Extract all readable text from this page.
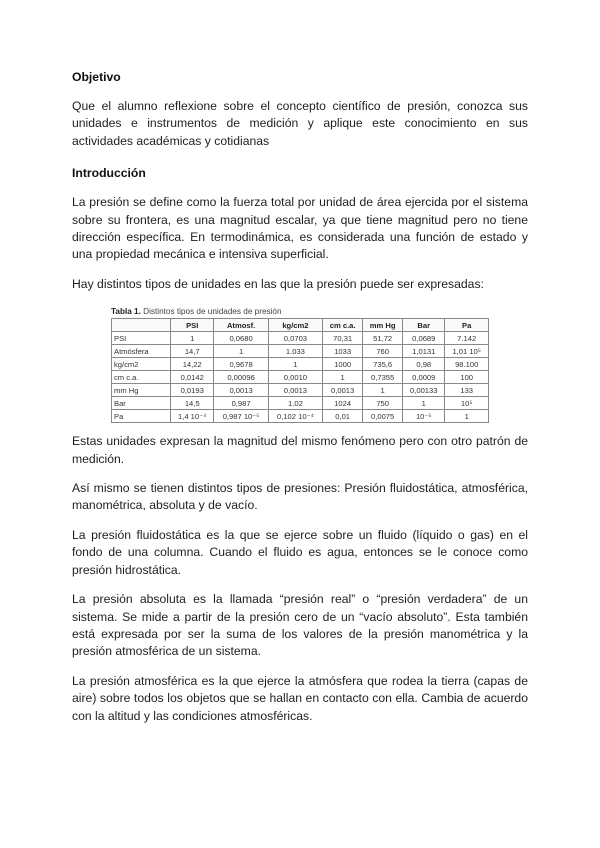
Objetivo

Que el alumno reflexione sobre el concepto científico de presión, conozca sus unidades e instrumentos de medición y aplique este conocimiento en sus actividades académicas y cotidianas

Introducción

La presión se define como la fuerza total por unidad de área ejercida por el sistema sobre su frontera, es una magnitud escalar, ya que tiene magnitud pero no tiene dirección específica. En termodinámica, es considerada una función de estado y una propiedad mecánica e intensiva superficial.

Hay distintos tipos de unidades en las que la presión puede ser expresadas:

Tabla 1. Distintos tipos de unidades de presión
	PSI	Atmosf.	kg/cm2	cm c.a.	mm Hg	Bar	Pa
PSI	1	0,0680	0,0703	70,31	51,72	0,0689	7.142
Atmósfera	14,7	1	1.033	1033	760	1,0131	1,01 10⁵
kg/cm2	14,22	0,9678	1	1000	735,6	0,98	98.100
cm c.a.	0,0142	0,00096	0,0010	1	0,7355	0,0009	100
mm Hg	0,0193	0,0013	0,0013	0,0013	1	0,00133	133
Bar	14,5	0,987	1.02	1024	750	1	10⁵
Pa	1,4 10⁻⁴	0,987 10⁻⁵	0,102 10⁻⁴	0,01	0,0075	10⁻⁵	1

Estas unidades expresan la magnitud del mismo fenómeno pero con otro patrón de medición.

Así mismo se tienen distintos tipos de presiones: Presión fluidostática, atmosférica, manométrica, absoluta y de vacío.

La presión fluidostática es la que se ejerce sobre un fluido (líquido o gas) en el fondo de una columna. Cuando el fluido es agua, entonces se le conoce como presión hidrostática.

La presión absoluta es la llamada “presión real” o “presión verdadera” de un sistema. Se mide a partir de la presión cero de un “vacío absoluto”. Esta también está expresada por ser la suma de los valores de la presión manométrica y la presión atmosférica de un sistema.

La presión atmosférica es la que ejerce la atmósfera que rodea la tierra (capas de aire) sobre todos los objetos que se hallan en contacto con ella. Cambia de acuerdo con la altitud y las condiciones atmosféricas.
